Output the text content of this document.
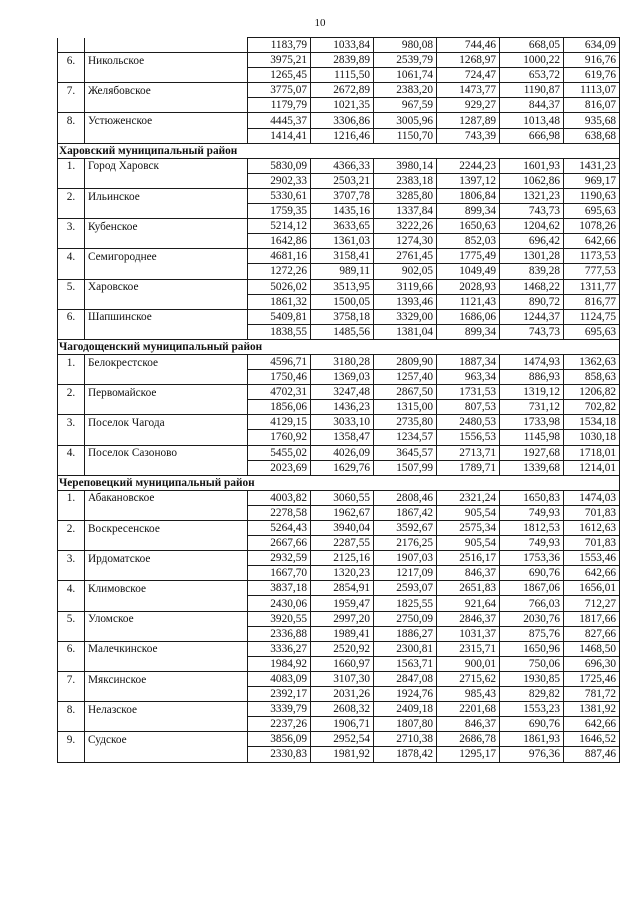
10
		1183,79	1033,84	980,08	744,46	668,05	634,09
6.	Никольское	3975,21	2839,89	2539,79	1268,97	1000,22	916,76
		1265,45	1115,50	1061,74	724,47	653,72	619,76
7.	Желябовское	3775,07	2672,89	2383,20	1473,77	1190,87	1113,07
		1179,79	1021,35	967,59	929,27	844,37	816,07
8.	Устюженское	4445,37	3306,86	3005,96	1287,89	1013,48	935,68
		1414,41	1216,46	1150,70	743,39	666,98	638,68
Харовский муниципальный район							
1.	Город Харовск	5830,09	4366,33	3980,14	2244,23	1601,93	1431,23
		2902,33	2503,21	2383,18	1397,12	1062,86	969,17
2.	Ильинское	5330,61	3707,78	3285,80	1806,84	1321,23	1190,63
		1759,35	1435,16	1337,84	899,34	743,73	695,63
3.	Кубенское	5214,12	3633,65	3222,26	1650,63	1204,62	1078,26
		1642,86	1361,03	1274,30	852,03	696,42	642,66
4.	Семигороднее	4681,16	3158,41	2761,45	1775,49	1301,28	1173,53
		1272,26	989,11	902,05	1049,49	839,28	777,53
5.	Харовское	5026,02	3513,95	3119,66	2028,93	1468,22	1311,77
		1861,32	1500,05	1393,46	1121,43	890,72	816,77
6.	Шапшинское	5409,81	3758,18	3329,00	1686,06	1244,37	1124,75
		1838,55	1485,56	1381,04	899,34	743,73	695,63
Чагодощенский муниципальный район							
1.	Белокрестское	4596,71	3180,28	2809,90	1887,34	1474,93	1362,63
		1750,46	1369,03	1257,40	963,34	886,93	858,63
2.	Первомайское	4702,31	3247,48	2867,50	1731,53	1319,12	1206,82
		1856,06	1436,23	1315,00	807,53	731,12	702,82
3.	Поселок Чагода	4129,15	3033,10	2735,80	2480,53	1733,98	1534,18
		1760,92	1358,47	1234,57	1556,53	1145,98	1030,18
4.	Поселок Сазоново	5455,02	4026,09	3645,57	2713,71	1927,68	1718,01
		2023,69	1629,76	1507,99	1789,71	1339,68	1214,01
Череповецкий муниципальный район							
1.	Абакановское	4003,82	3060,55	2808,46	2321,24	1650,83	1474,03
		2278,58	1962,67	1867,42	905,54	749,93	701,83
2.	Воскресенское	5264,43	3940,04	3592,67	2575,34	1812,53	1612,63
		2667,66	2287,55	2176,25	905,54	749,93	701,83
3.	Ирдоматское	2932,59	2125,16	1907,03	2516,17	1753,36	1553,46
		1667,70	1320,23	1217,09	846,37	690,76	642,66
4.	Климовское	3837,18	2854,91	2593,07	2651,83	1867,06	1656,01
		2430,06	1959,47	1825,55	921,64	766,03	712,27
5.	Уломское	3920,55	2997,20	2750,09	2846,37	2030,76	1817,66
		2336,88	1989,41	1886,27	1031,37	875,76	827,66
6.	Малечкинское	3336,27	2520,92	2300,81	2315,71	1650,96	1468,50
		1984,92	1660,97	1563,71	900,01	750,06	696,30
7.	Мяксинское	4083,09	3107,30	2847,08	2715,62	1930,85	1725,46
		2392,17	2031,26	1924,76	985,43	829,82	781,72
8.	Нелазское	3339,79	2608,32	2409,18	2201,68	1553,23	1381,92
		2237,26	1906,71	1807,80	846,37	690,76	642,66
9.	Судское	3856,09	2952,54	2710,38	2686,78	1861,93	1646,52
		2330,83	1981,92	1878,42	1295,17	976,36	887,46
